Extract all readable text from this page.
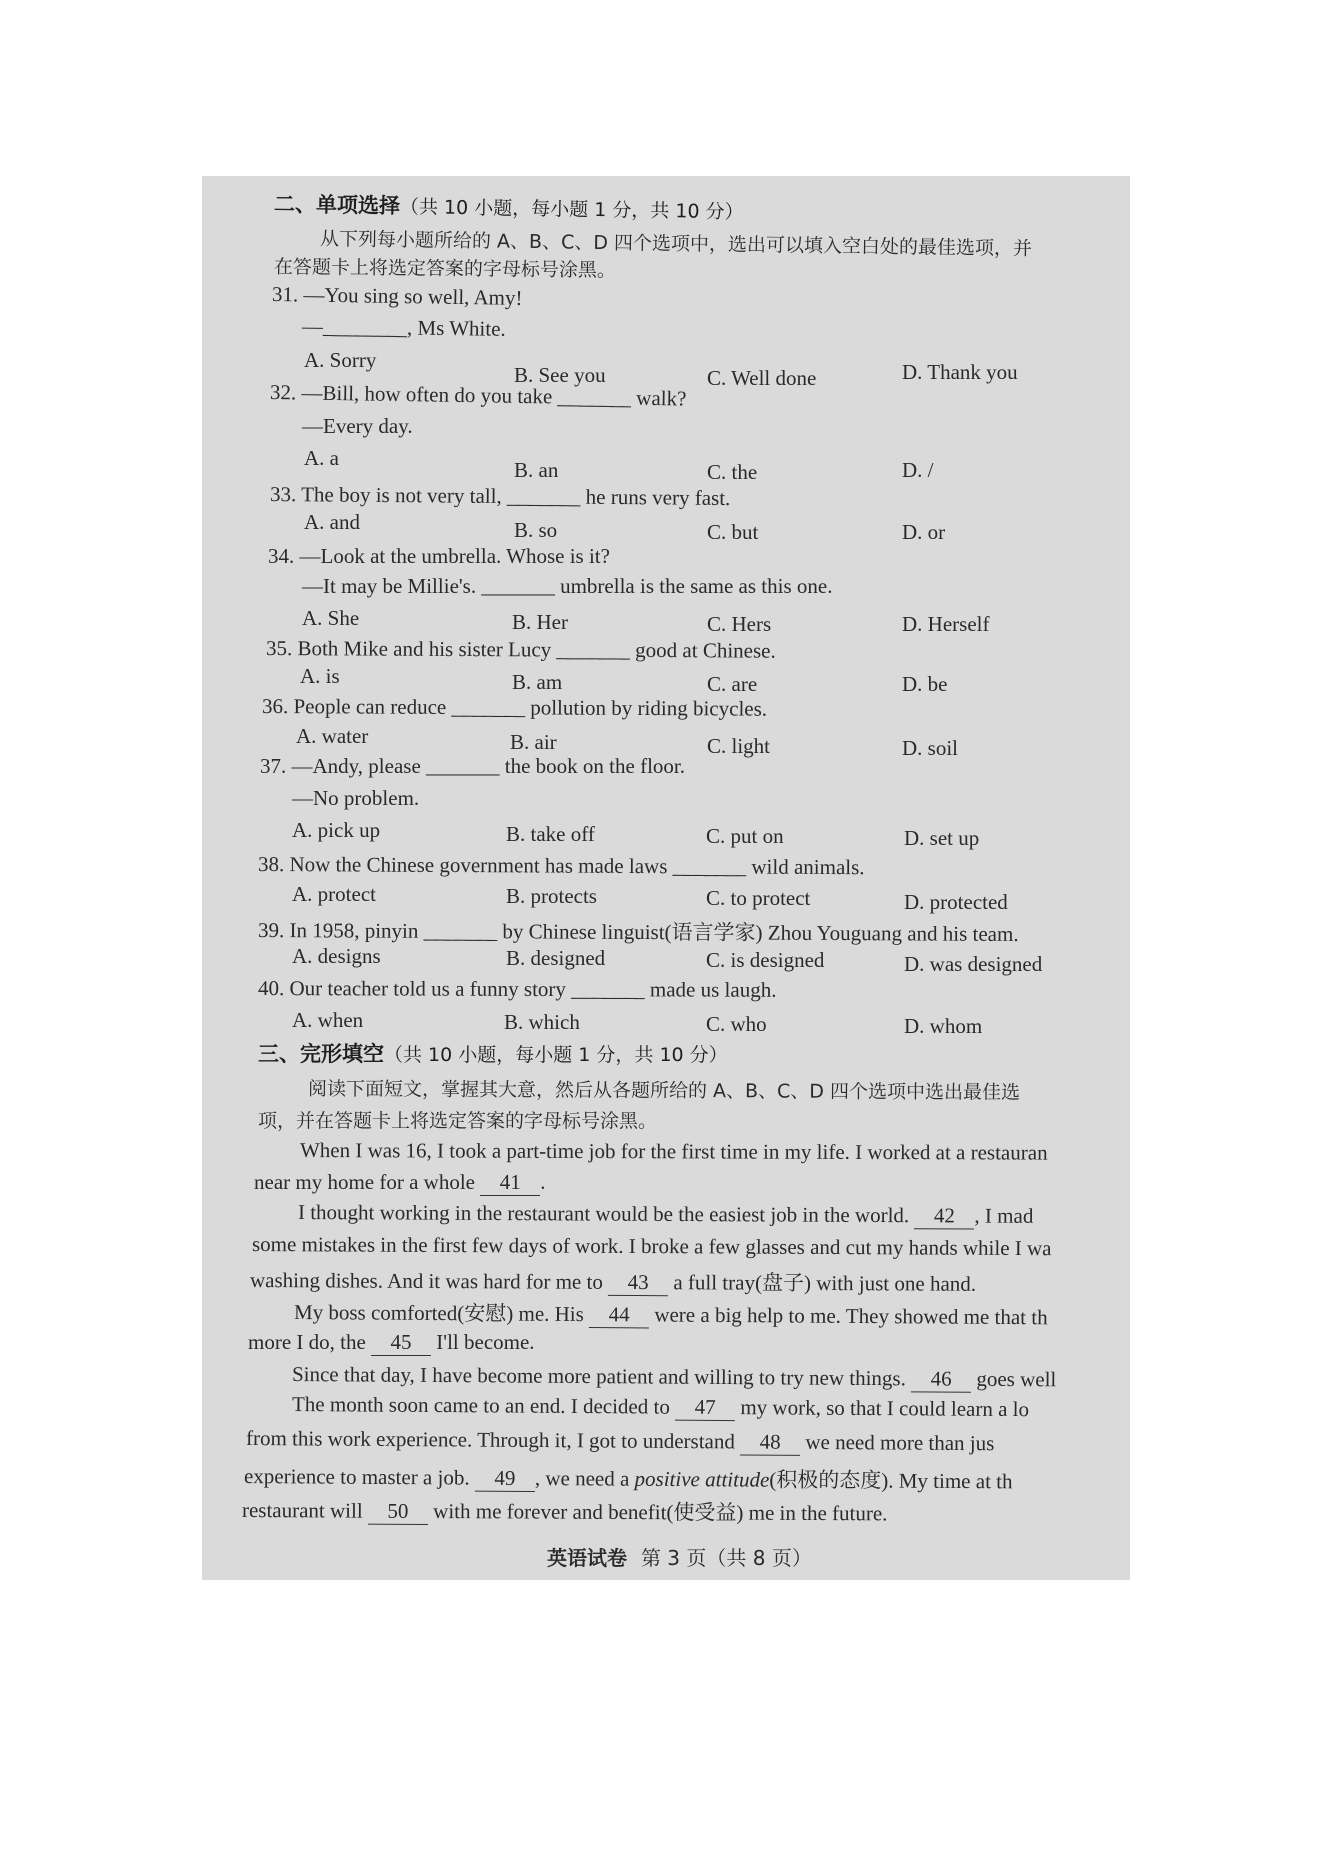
二、单项选择（共 10 小题，每小题 1 分，共 10 分）
从下列每小题所给的 A、B、C、D 四个选项中，选出可以填入空白处的最佳选项，并
在答题卡上将选定答案的字母标号涂黑。
31. —You sing so well, Amy!
—________, Ms White.
A. Sorry
B. See you	C. Well done	D. Thank you
32. —Bill, how often do you take _______ walk?
—Every day.
A. a	B. an	C. the	D. /
33. The boy is not very tall, _______ he runs very fast.
A. and	B. so	C. but	D. or
34. —Look at the umbrella. Whose is it?
—It may be Millie's. _______ umbrella is the same as this one.
A. She	B. Her	C. Hers	D. Herself
35. Both Mike and his sister Lucy _______ good at Chinese.
A. is	B. am	C. are	D. be
36. People can reduce _______ pollution by riding bicycles.
A. water	B. air	C. light	D. soil
37. —Andy, please _______ the book on the floor.
—No problem.
A. pick up	B. take off	C. put on	D. set up
38. Now the Chinese government has made laws _______ wild animals.
A. protect	B. protects	C. to protect	D. protected
39. In 1958, pinyin _______ by Chinese linguist(语言学家) Zhou Youguang and his team.
A. designs	B. designed	C. is designed	D. was designed
40. Our teacher told us a funny story _______ made us laugh.
A. when	B. which	C. who	D. whom
三、完形填空（共 10 小题，每小题 1 分，共 10 分）
阅读下面短文，掌握其大意，然后从各题所给的 A、B、C、D 四个选项中选出最佳选
项，并在答题卡上将选定答案的字母标号涂黑。
When I was 16, I took a part-time job for the first time in my life. I worked at a restauran
near my home for a whole 41 .
I thought working in the restaurant would be the easiest job in the world. 42 , I mad
some mistakes in the first few days of work. I broke a few glasses and cut my hands while I wa
washing dishes. And it was hard for me to 43 a full tray(盘子) with just one hand.
My boss comforted(安慰) me. His 44 were a big help to me. They showed me that th
more I do, the 45 I'll become.
Since that day, I have become more patient and willing to try new things. 46 goes well
The month soon came to an end. I decided to 47 my work, so that I could learn a lo
from this work experience. Through it, I got to understand 48 we need more than jus
experience to master a job. 49 , we need a positive attitude(积极的态度). My time at th
restaurant will 50 with me forever and benefit(使受益) me in the future.
英语试卷 第 3 页（共 8 页）
